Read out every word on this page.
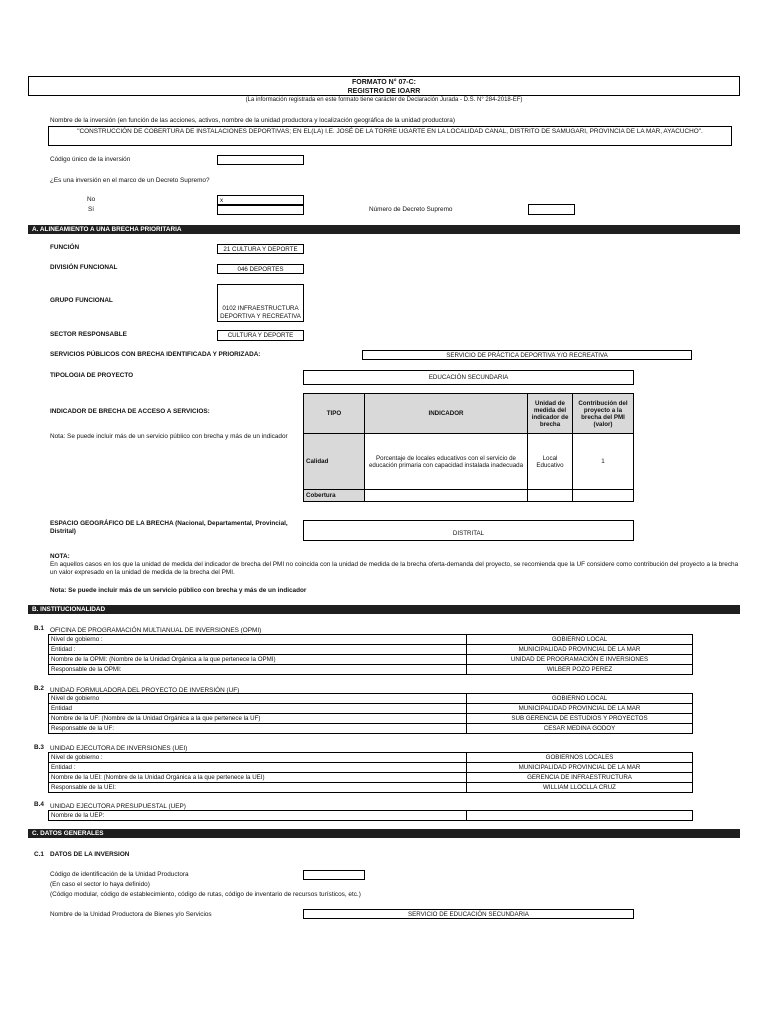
FORMATO N° 07-C:
REGISTRO DE IOARR
(La información registrada en este formato tiene carácter de Declaración Jurada - D.S. N° 284-2018-EF)
Nombre de la inversión (en función de las acciones, activos, nombre de la unidad productora y localización geográfica de la unidad productora)
"CONSTRUCCIÓN DE COBERTURA DE INSTALACIONES DEPORTIVAS; EN EL(LA) I.E. JOSÉ DE LA TORRE UGARTE EN LA LOCALIDAD CANAL, DISTRITO DE SAMUGARI, PROVINCIA DE LA MAR, AYACUCHO".
Código único de la inversión
¿Es una inversión en el marco de un Decreto Supremo?
No	x
Sí	Número de Decreto Supremo
A. ALINEAMIENTO A UNA BRECHA PRIORITARIA
FUNCIÓN	21 CULTURA Y DEPORTE
DIVISIÓN FUNCIONAL	046 DEPORTES
GRUPO FUNCIONAL
0102 INFRAESTRUCTURA DEPORTIVA Y RECREATIVA
SECTOR RESPONSABLE	CULTURA Y DEPORTE
SERVICIOS PÚBLICOS CON BRECHA IDENTIFICADA Y PRIORIZADA:	SERVICIO DE PRÁCTICA DEPORTIVA Y/O RECREATIVA
TIPOLOGIA DE PROYECTO	EDUCACIÓN SECUNDARIA
INDICADOR DE BRECHA DE ACCESO A SERVICIOS:
Nota: Se puede incluir más de un servicio público con brecha y más de un indicador
TIPO	INDICADOR	Unidad de medida del indicador de brecha	Contribución del proyecto a la brecha del PMI (valor)
Calidad	Porcentaje de locales educativos con el servicio de educación primaria con capacidad instalada inadecuada	Local Educativo	1
Cobertura			
ESPACIO GEOGRÁFICO DE LA BRECHA (Nacional, Departamental, Provincial, Distrital)	DISTRITAL
NOTA:
En aquellos casos en los que la unidad de medida del indicador de brecha del PMI no coincida con la unidad de medida de la brecha oferta-demanda del proyecto, se recomienda que la UF considere como contribución del proyecto a la brecha un valor expresado en la unidad de medida de la brecha del PMI.
Nota: Se puede incluir más de un servicio público con brecha y más de un indicador
B. INSTITUCIONALIDAD
B.1 OFICINA DE PROGRAMACIÓN MULTIANUAL DE INVERSIONES (OPMI)
Nivel de gobierno :	GOBIERNO LOCAL
Entidad :	MUNICIPALIDAD PROVINCIAL DE LA MAR
Nombre de la OPMI: (Nombre de la Unidad Orgánica a la que pertenece la OPMI)	UNIDAD DE PROGRAMACIÓN E INVERSIONES
Responsable de la OPMI:	WILBER POZO PEREZ
B.2 UNIDAD FORMULADORA DEL PROYECTO DE INVERSIÓN (UF)
Nivel de gobierno	GOBIERNO LOCAL
Entidad	MUNICIPALIDAD PROVINCIAL DE LA MAR
Nombre de la UF: (Nombre de la Unidad Orgánica a la que pertenece la UF)	SUB GERENCIA DE ESTUDIOS Y PROYECTOS
Responsable de la UF:	CESAR MEDINA GODOY
B.3 UNIDAD EJECUTORA DE INVERSIONES (UEI)
Nivel de gobierno :	GOBIERNOS LOCALES
Entidad :	MUNICIPALIDAD PROVINCIAL DE LA MAR
Nombre de la UEI: (Nombre de la Unidad Orgánica a la que pertenece la UEI)	GERENCIA DE INFRAESTRUCTURA
Responsable de la UEI:	WILLIAM LLOCLLA CRUZ
B.4 UNIDAD EJECUTORA PRESUPUESTAL (UEP)
Nombre de la UEP:	
C. DATOS GENERALES
C.1 DATOS DE LA INVERSION
Código de identificación de la Unidad Productora
(En caso el sector lo haya definido)
(Código modular, código de establecimiento, código de rutas, código de inventario de recursos turísticos, etc.)
Nombre de la Unidad Productora de Bienes y/o Servicios	SERVICIO DE EDUCACIÓN SECUNDARIA
